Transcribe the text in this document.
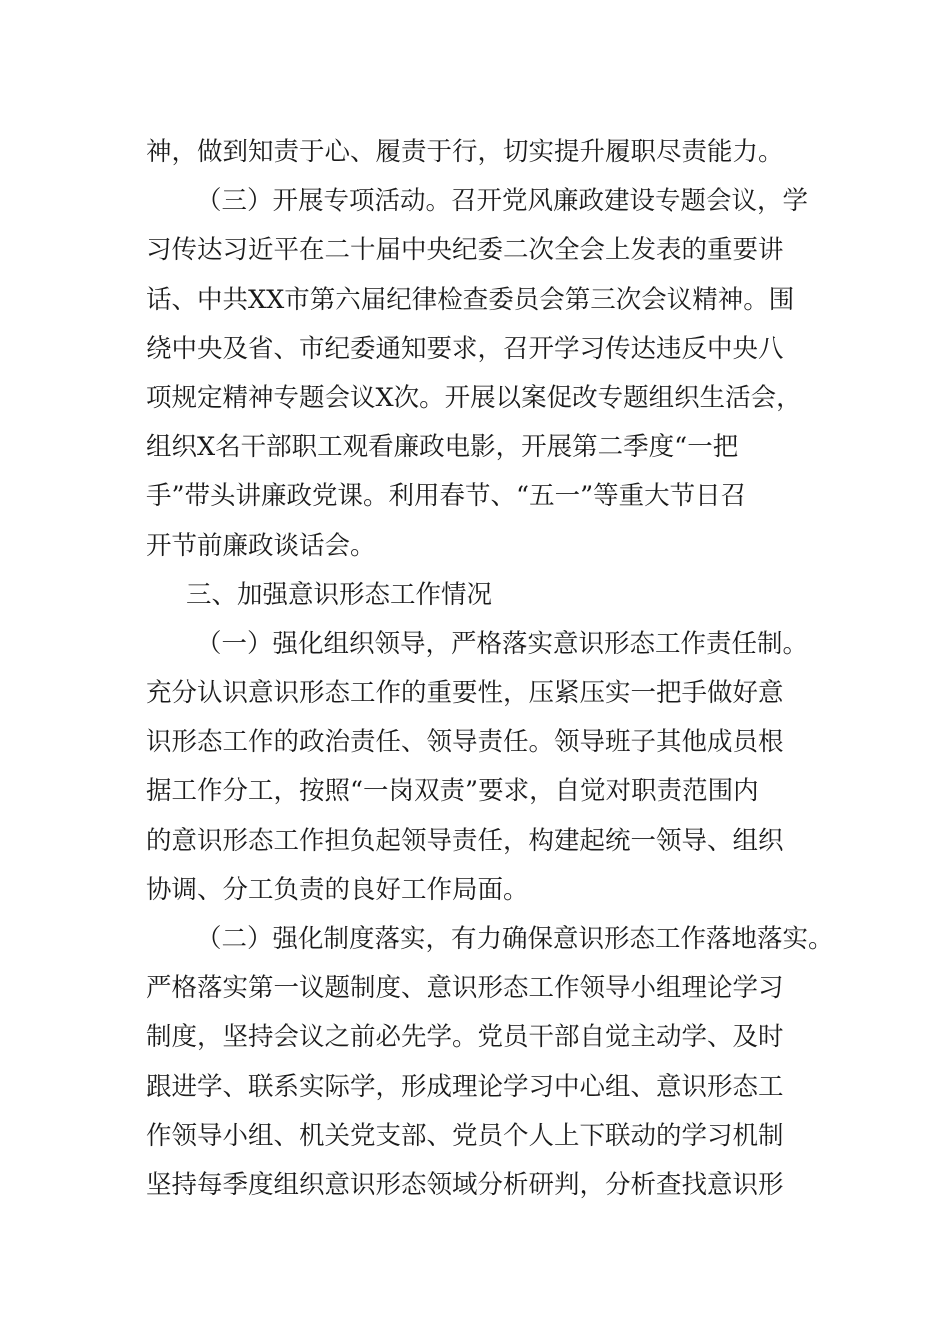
神，做到知责于心、履责于行，切实提升履职尽责能力。
（三）开展专项活动。召开党风廉政建设专题会议，学
习传达习近平在二十届中央纪委二次全会上发表的重要讲
话、中共XX市第六届纪律检查委员会第三次会议精神。围
绕中央及省、市纪委通知要求，召开学习传达违反中央八
项规定精神专题会议X次。开展以案促改专题组织生活会，
组织X名干部职工观看廉政电影，开展第二季度“一把
手”带头讲廉政党课。利用春节、“五一”等重大节日召
开节前廉政谈话会。
三、加强意识形态工作情况
（一）强化组织领导，严格落实意识形态工作责任制。
充分认识意识形态工作的重要性，压紧压实一把手做好意
识形态工作的政治责任、领导责任。领导班子其他成员根
据工作分工，按照“一岗双责”要求，自觉对职责范围内
的意识形态工作担负起领导责任，构建起统一领导、组织
协调、分工负责的良好工作局面。
（二）强化制度落实，有力确保意识形态工作落地落实。
严格落实第一议题制度、意识形态工作领导小组理论学习
制度，坚持会议之前必先学。党员干部自觉主动学、及时
跟进学、联系实际学，形成理论学习中心组、意识形态工
作领导小组、机关党支部、党员个人上下联动的学习机制
坚持每季度组织意识形态领域分析研判，分析查找意识形
